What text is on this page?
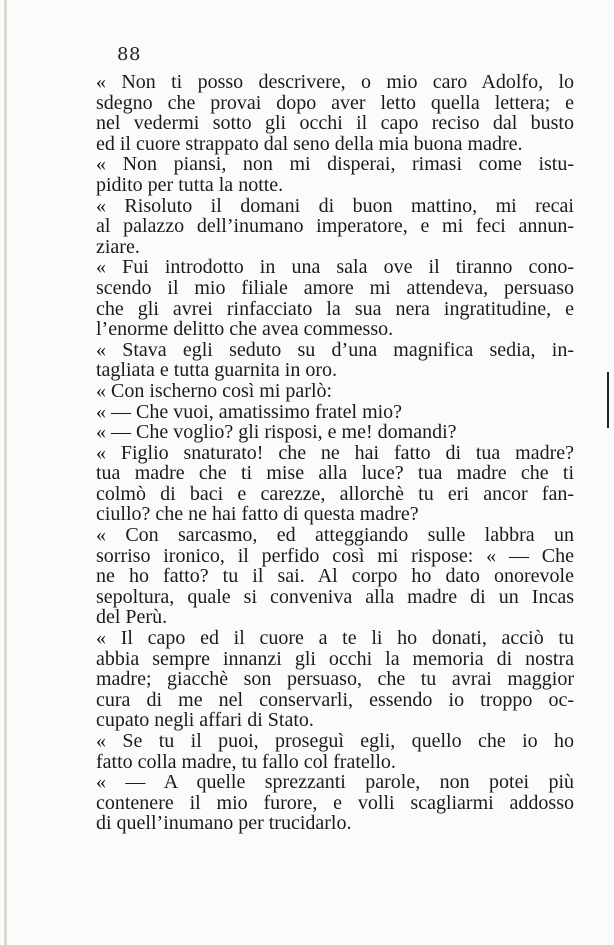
88
« Non ti posso descrivere, o mio caro Adolfo, lo
sdegno che provai dopo aver letto quella lettera; e
nel vedermi sotto gli occhi il capo reciso dal busto
ed il cuore strappato dal seno della mia buona madre.
« Non piansi, non mi disperai, rimasi come istu-
pidito per tutta la notte.
« Risoluto il domani di buon mattino, mi recai
al palazzo dell’inumano imperatore, e mi feci annun-
ziare.
« Fui introdotto in una sala ove il tiranno cono-
scendo il mio filiale amore mi attendeva, persuaso
che gli avrei rinfacciato la sua nera ingratitudine, e
l’enorme delitto che avea commesso.
« Stava egli seduto su d’una magnifica sedia, in-
tagliata e tutta guarnita in oro.
« Con ischerno così mi parlò:
« — Che vuoi, amatissimo fratel mio?
« — Che voglio? gli risposi, e me! domandi?
« Figlio snaturato! che ne hai fatto di tua madre?
tua madre che ti mise alla luce? tua madre che ti
colmò di baci e carezze, allorchè tu eri ancor fan-
ciullo? che ne hai fatto di questa madre?
« Con sarcasmo, ed atteggiando sulle labbra un
sorriso ironico, il perfido così mi rispose: « — Che
ne ho fatto? tu il sai. Al corpo ho dato onorevole
sepoltura, quale si conveniva alla madre di un Incas
del Perù.
« Il capo ed il cuore a te li ho donati, acciò tu
abbia sempre innanzi gli occhi la memoria di nostra
madre; giacchè son persuaso, che tu avrai maggior
cura di me nel conservarli, essendo io troppo oc-
cupato negli affari di Stato.
« Se tu il puoi, proseguì egli, quello che io ho
fatto colla madre, tu fallo col fratello.
« — A quelle sprezzanti parole, non potei più
contenere il mio furore, e volli scagliarmi addosso
di quell’inumano per trucidarlo.
